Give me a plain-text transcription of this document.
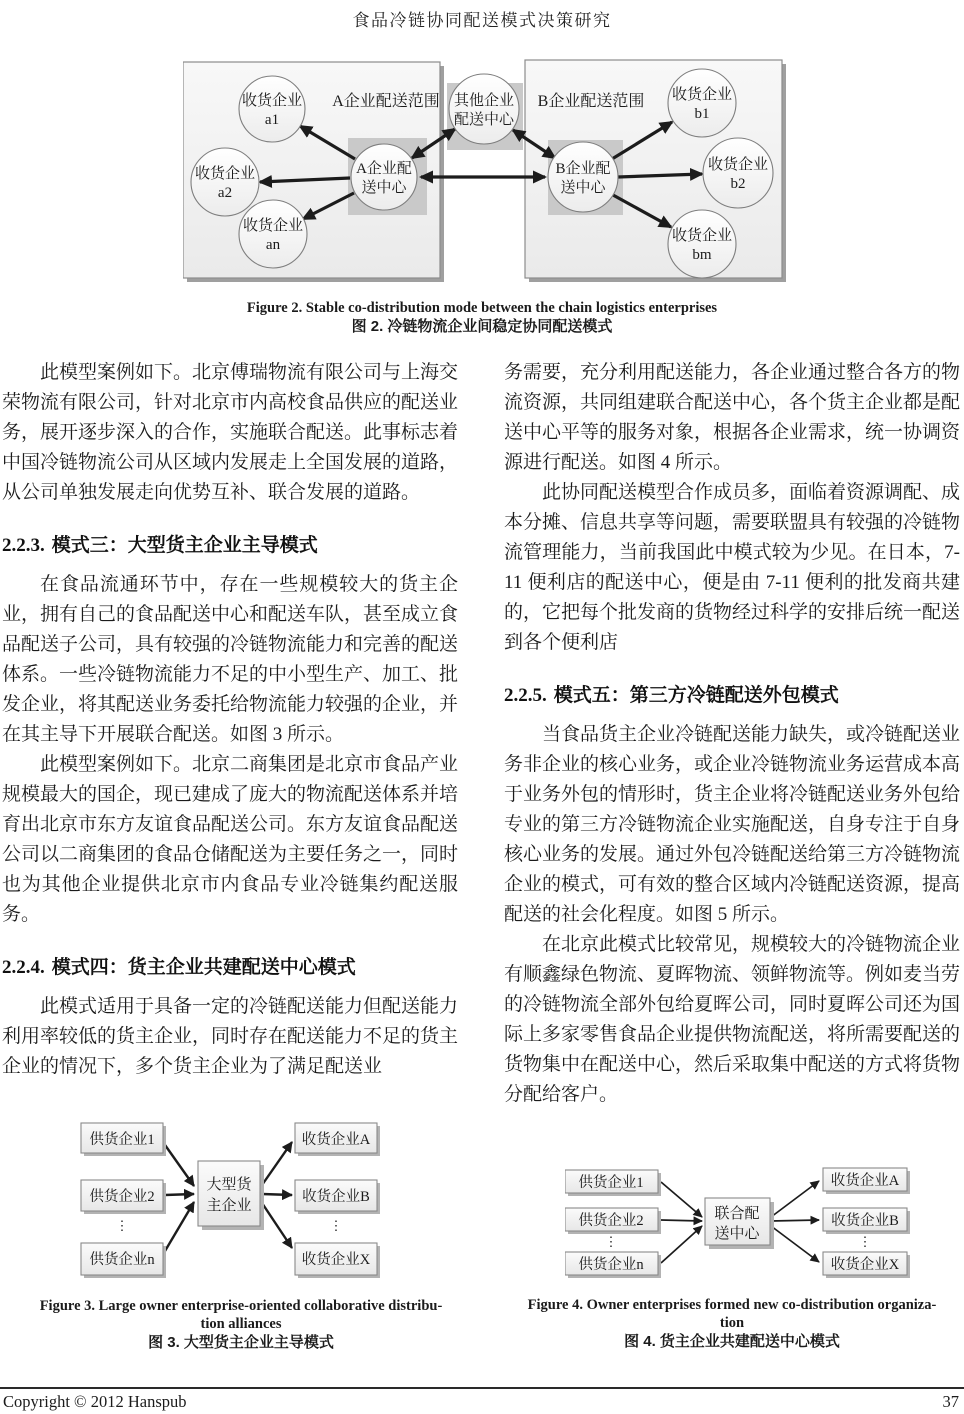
食品冷链协同配送模式决策研究
A企业配送范围	B企业配送范围
收货企业
a1
收货企业
a2
收货企业
an
A企业配
送中心
其他企业
配送中心
B企业配
送中心
收货企业
b1
收货企业
b2
收货企业
bm
Figure 2. Stable co-distribution mode between the chain logistics enterprises
图 2. 冷链物流企业间稳定协同配送模式

此模型案例如下。北京傅瑞物流有限公司与上海交荣物流有限公司，针对北京市内高校食品供应的配送业务，展开逐步深入的合作，实施联合配送。此事标志着中国冷链物流公司从区域内发展走上全国发展的道路，从公司单独发展走向优势互补、联合发展的道路。

2.2.3. 模式三：大型货主企业主导模式

在食品流通环节中，存在一些规模较大的货主企业，拥有自己的食品配送中心和配送车队，甚至成立食品配送子公司，具有较强的冷链物流能力和完善的配送体系。一些冷链物流能力不足的中小型生产、加工、批发企业，将其配送业务委托给物流能力较强的企业，并在其主导下开展联合配送。如图 3 所示。

此模型案例如下。北京二商集团是北京市食品产业规模最大的国企，现已建成了庞大的物流配送体系并培育出北京市东方友谊食品配送公司。东方友谊食品配送公司以二商集团的食品仓储配送为主要任务之一，同时也为其他企业提供北京市内食品专业冷链集约配送服务。

2.2.4. 模式四：货主企业共建配送中心模式

此模式适用于具备一定的冷链配送能力但配送能力利用率较低的货主企业，同时存在配送能力不足的货主企业的情况下，多个货主企业为了满足配送业

务需要，充分利用配送能力，各企业通过整合各方的物流资源，共同组建联合配送中心，各个货主企业都是配送中心平等的服务对象，根据各企业需求，统一协调资源进行配送。如图 4 所示。

此协同配送模型合作成员多，面临着资源调配、成本分摊、信息共享等问题，需要联盟具有较强的冷链物流管理能力，当前我国此中模式较为少见。在日本，7-11 便利店的配送中心，便是由 7-11 便利的批发商共建的，它把每个批发商的货物经过科学的安排后统一配送到各个便利店

2.2.5. 模式五：第三方冷链配送外包模式

当食品货主企业冷链配送能力缺失，或冷链配送业务非企业的核心业务，或企业冷链物流业务运营成本高于业务外包的情形时，货主企业将冷链配送业务外包给专业的第三方冷链物流企业实施配送，自身专注于自身核心业务的发展。通过外包冷链配送给第三方冷链物流企业的模式，可有效的整合区域内冷链配送资源，提高配送的社会化程度。如图 5 所示。

在北京此模式比较常见，规模较大的冷链物流企业有顺鑫绿色物流、夏晖物流、领鲜物流等。例如麦当劳的冷链物流全部外包给夏晖公司，同时夏晖公司还为国际上多家零售食品企业提供物流配送，将所需要配送的货物集中在配送中心，然后采取集中配送的方式将货物分配给客户。

供货企业1
供货企业2
⋮
供货企业n
大型货
主企业
收货企业A
收货企业B
⋮
收货企业X
Figure 3. Large owner enterprise-oriented collaborative distribu-
tion alliances
图 3. 大型货主企业主导模式
供货企业1
供货企业2
⋮
供货企业n
联合配
送中心
收货企业A
收货企业B
⋮
收货企业X
Figure 4. Owner enterprises formed new co-distribution organiza-
tion
图 4. 货主企业共建配送中心模式
Copyright © 2012 Hanspub	37
